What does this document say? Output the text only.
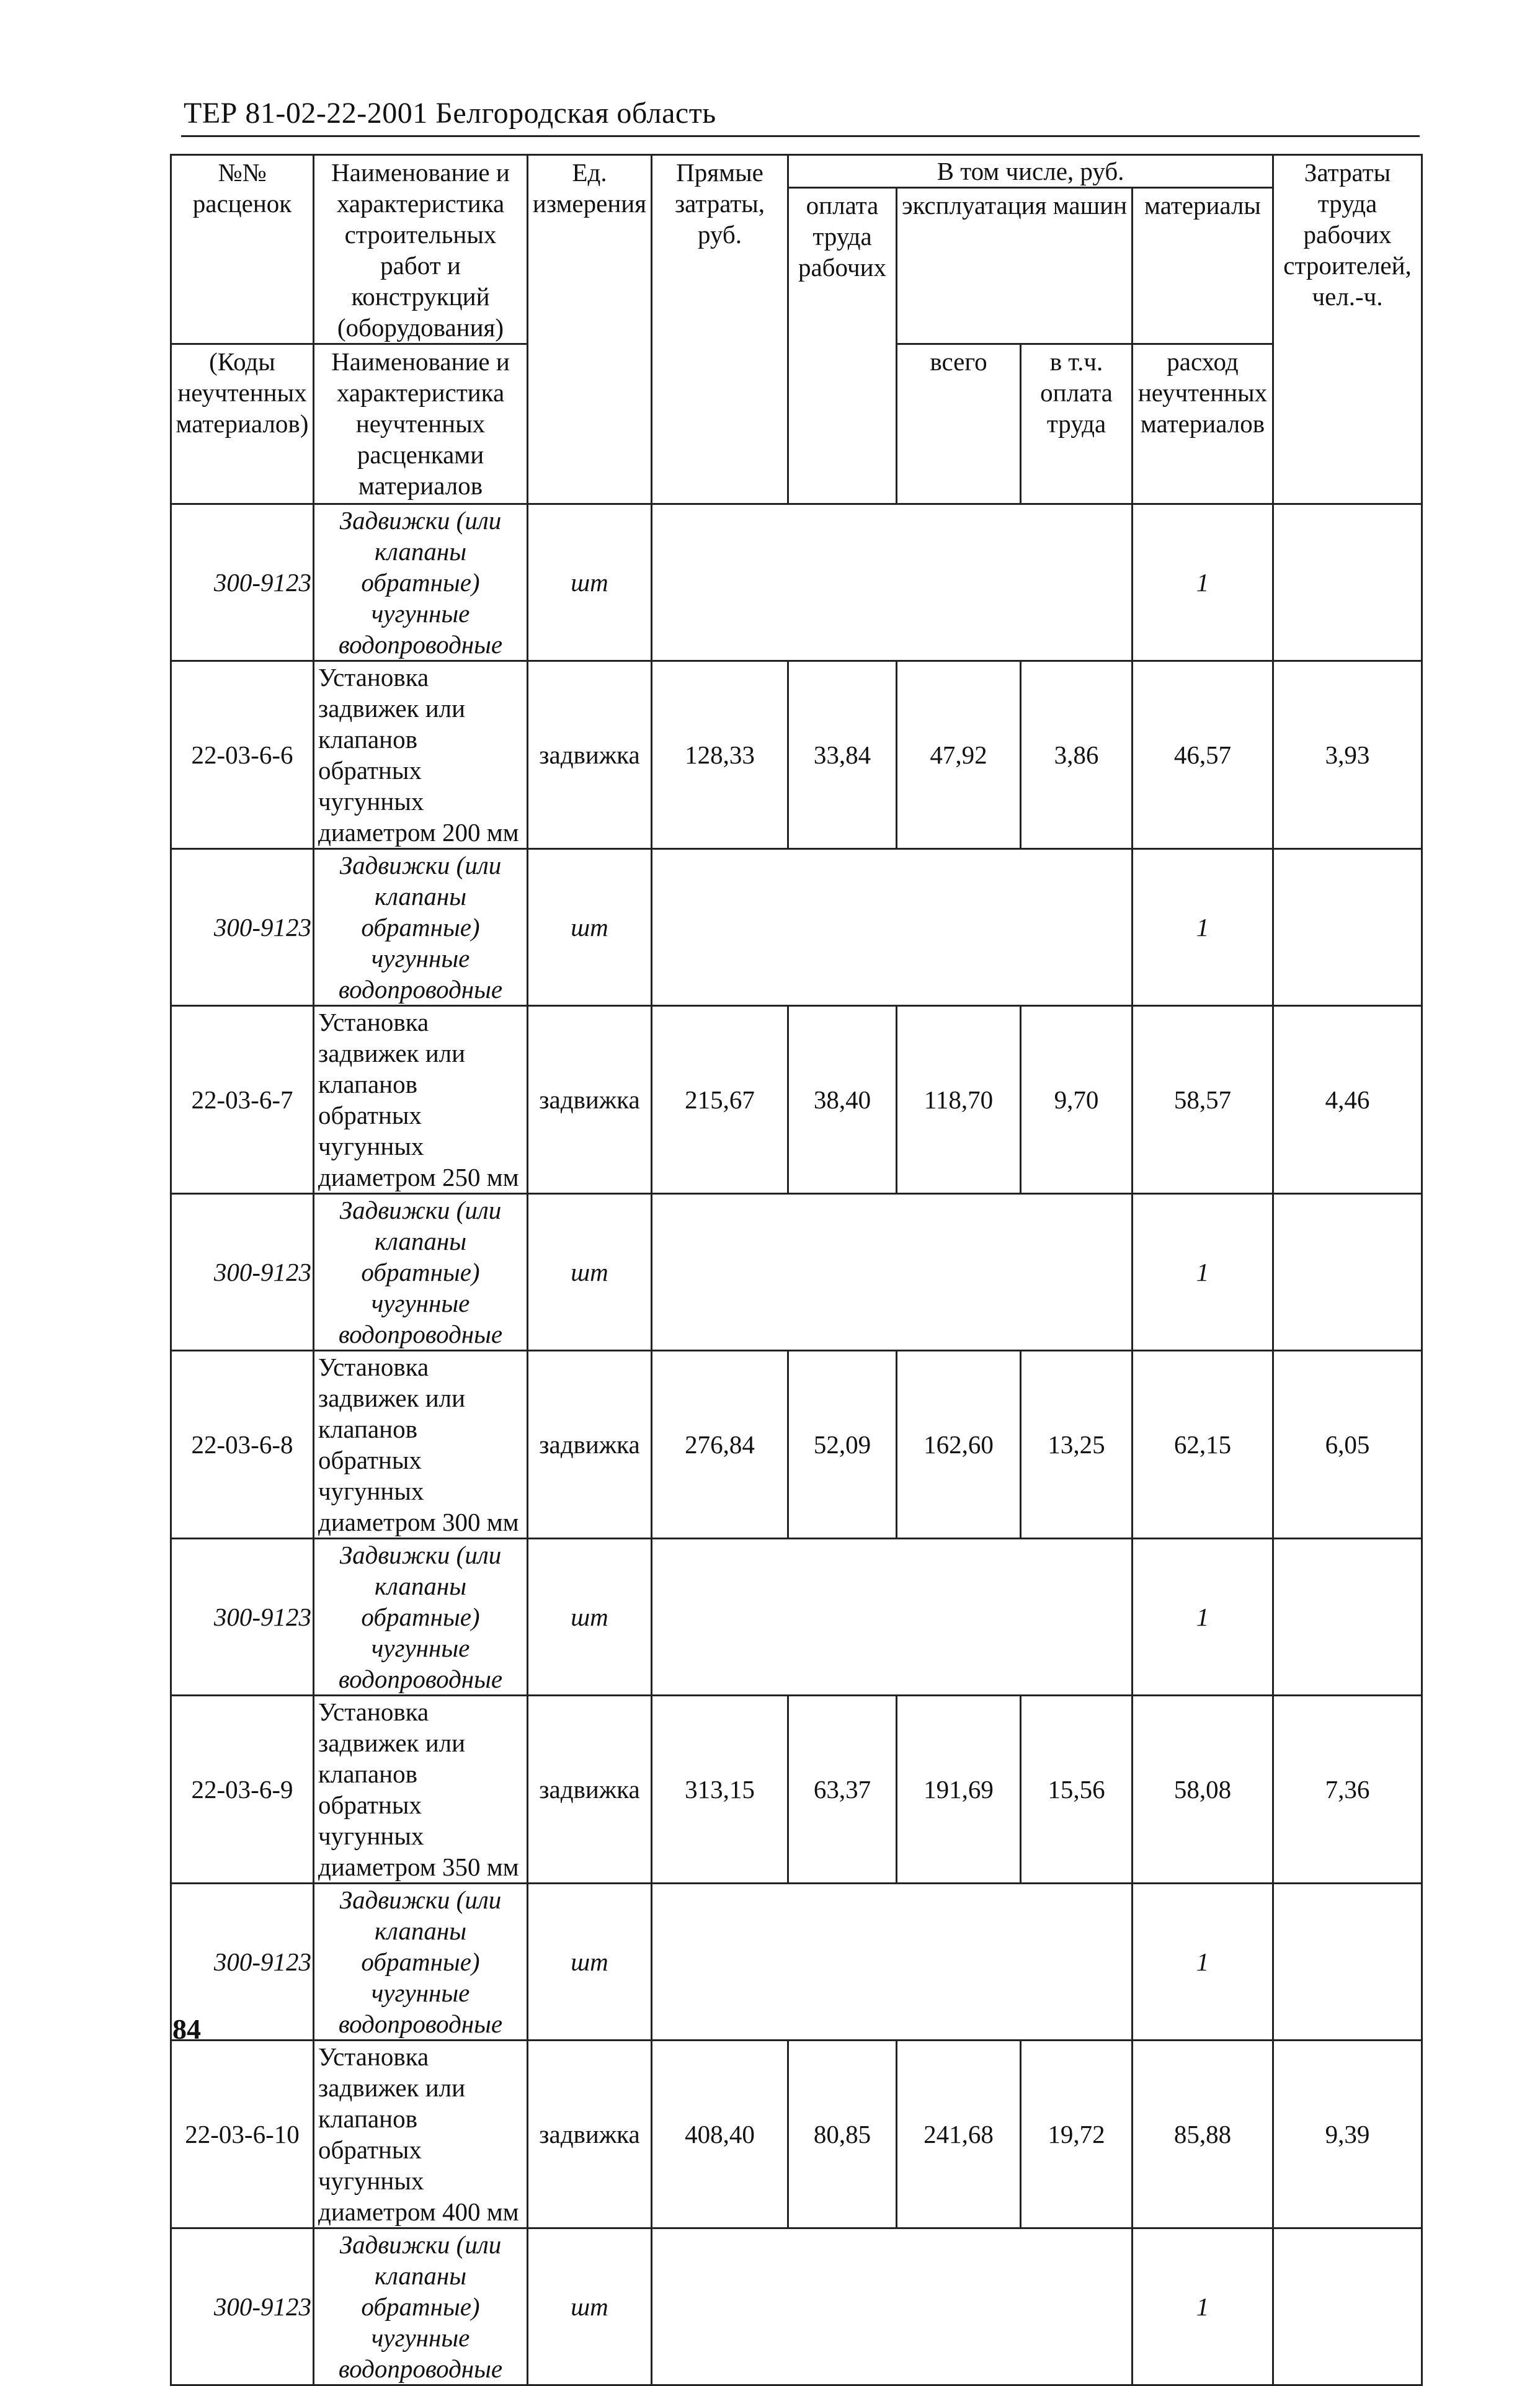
ТЕР 81-02-22-2001 Белгородская область
№№ расценок	Наименование и характеристика строительных работ и конструкций (оборудования)	Ед. измерения	Прямые затраты, руб.	В том числе, руб.				Затраты труда рабочих строителей, чел.-ч.
				оплата труда рабочих	эксплуатация машин		материалы	

(Коды неучтенных материалов)	Наименование и характеристика неучтенных расценками материалов				всего	в т.ч. оплата труда	расход неучтенных материалов	

300-9123	Задвижки (или клапаны обратные) чугунные водопроводные	шт					1	
22-03-6-6	Установка задвижек или клапанов обратных чугунных диаметром 200 мм	задвижка	128,33	33,84	47,92	3,86	46,57	3,93
300-9123	Задвижки (или клапаны обратные) чугунные водопроводные	шт					1	
22-03-6-7	Установка задвижек или клапанов обратных чугунных диаметром 250 мм	задвижка	215,67	38,40	118,70	9,70	58,57	4,46
300-9123	Задвижки (или клапаны обратные) чугунные водопроводные	шт					1	
22-03-6-8	Установка задвижек или клапанов обратных чугунных диаметром 300 мм	задвижка	276,84	52,09	162,60	13,25	62,15	6,05
300-9123	Задвижки (или клапаны обратные) чугунные водопроводные	шт					1	
22-03-6-9	Установка задвижек или клапанов обратных чугунных диаметром 350 мм	задвижка	313,15	63,37	191,69	15,56	58,08	7,36
300-9123	Задвижки (или клапаны обратные) чугунные водопроводные	шт					1	
22-03-6-10	Установка задвижек или клапанов обратных чугунных диаметром 400 мм	задвижка	408,40	80,85	241,68	19,72	85,88	9,39
300-9123	Задвижки (или клапаны обратные) чугунные водопроводные	шт					1	
84
